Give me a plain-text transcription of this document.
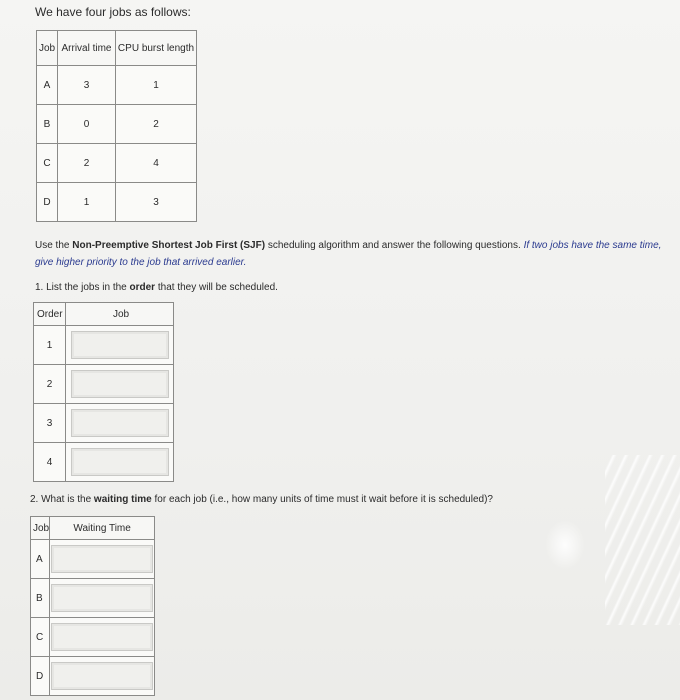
We have four jobs as follows:
Job	Arrival time	CPU burst length
A	3	1
B	0	2
C	2	4
D	1	3
Use the Non-Preemptive Shortest Job First (SJF) scheduling algorithm and answer the following questions. If two jobs have the same time, give higher priority to the job that arrived earlier.
1. List the jobs in the order that they will be scheduled.
Order	Job
1	

2	

3	

4	
2. What is the waiting time for each job (i.e., how many units of time must it wait before it is scheduled)?
Job	Waiting Time
A	

B	

C	

D	
